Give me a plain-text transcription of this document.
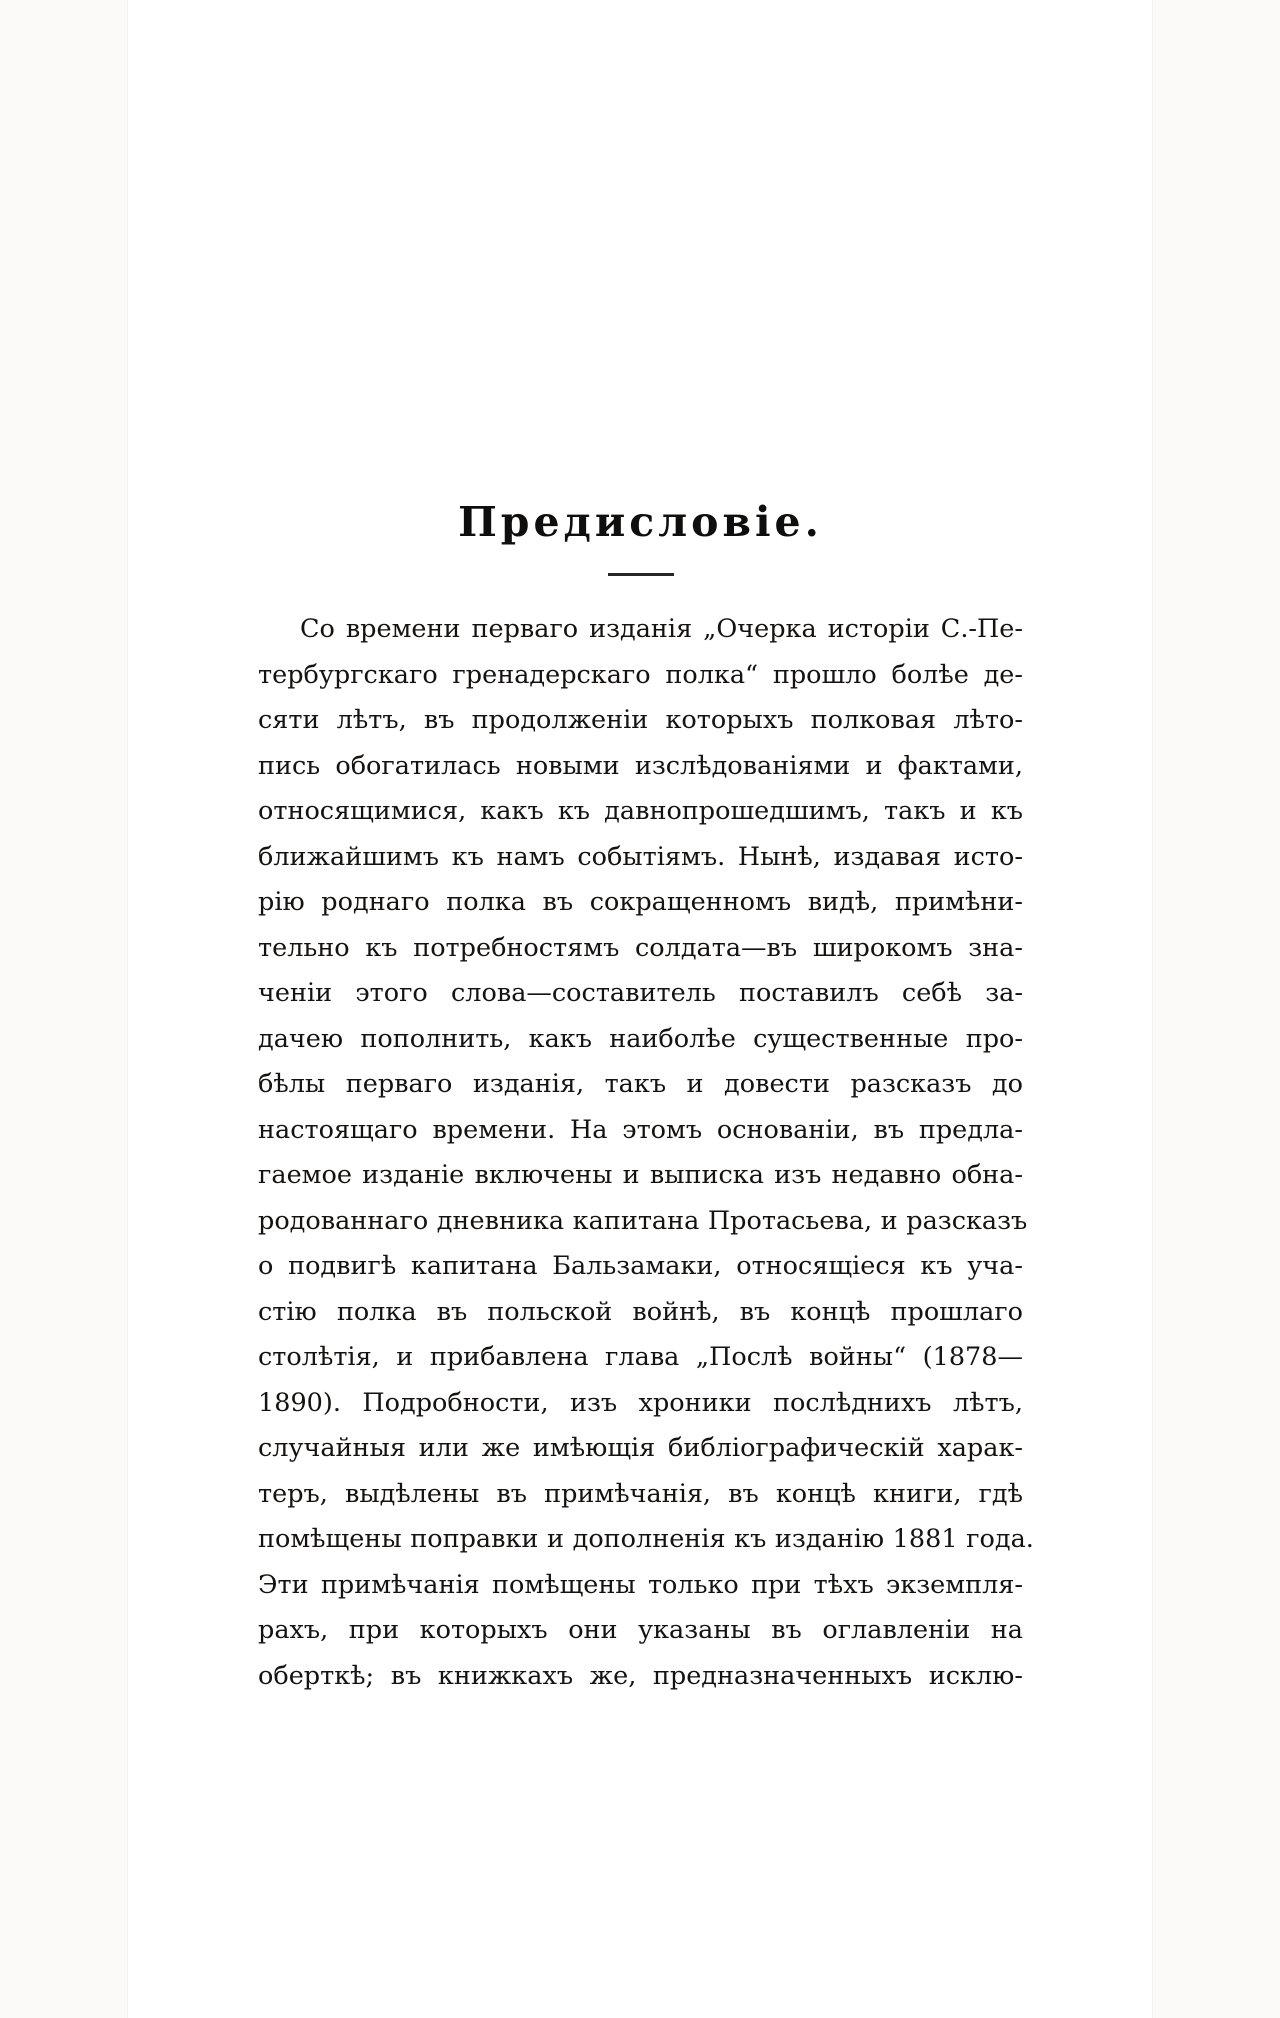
Предисловіе.
Со времени перваго изданія „Очерка исторіи С.-Пе-
тербургскаго гренадерскаго полка“ прошло болѣе де-
сяти лѣтъ, въ продолженіи которыхъ полковая лѣто-
пись обогатилась новыми изслѣдованіями и фактами,
относящимися, какъ къ давнопрошедшимъ, такъ и къ
ближайшимъ къ намъ событіямъ. Нынѣ, издавая исто-
рію роднаго полка въ сокращенномъ видѣ, примѣни-
тельно къ потребностямъ солдата—въ широкомъ зна-
ченіи этого слова—составитель поставилъ себѣ за-
дачею пополнить, какъ наиболѣе существенные про-
бѣлы перваго изданія, такъ и довести разсказъ до
настоящаго времени. На этомъ основаніи, въ предла-
гаемое изданіе включены и выписка изъ недавно обна-
родованнаго дневника капитана Протасьева, и разсказъ
о подвигѣ капитана Бальзамаки, относящіеся къ уча-
стію полка въ польской войнѣ, въ концѣ прошлаго
столѣтія, и прибавлена глава „Послѣ войны“ (1878—
1890). Подробности, изъ хроники послѣднихъ лѣтъ,
случайныя или же имѣющія библіографическій харак-
теръ, выдѣлены въ примѣчанія, въ концѣ книги, гдѣ
помѣщены поправки и дополненія къ изданію 1881 года.
Эти примѣчанія помѣщены только при тѣхъ экземпля-
рахъ, при которыхъ они указаны въ оглавленіи на
оберткѣ; въ книжкахъ же, предназначенныхъ исклю-
